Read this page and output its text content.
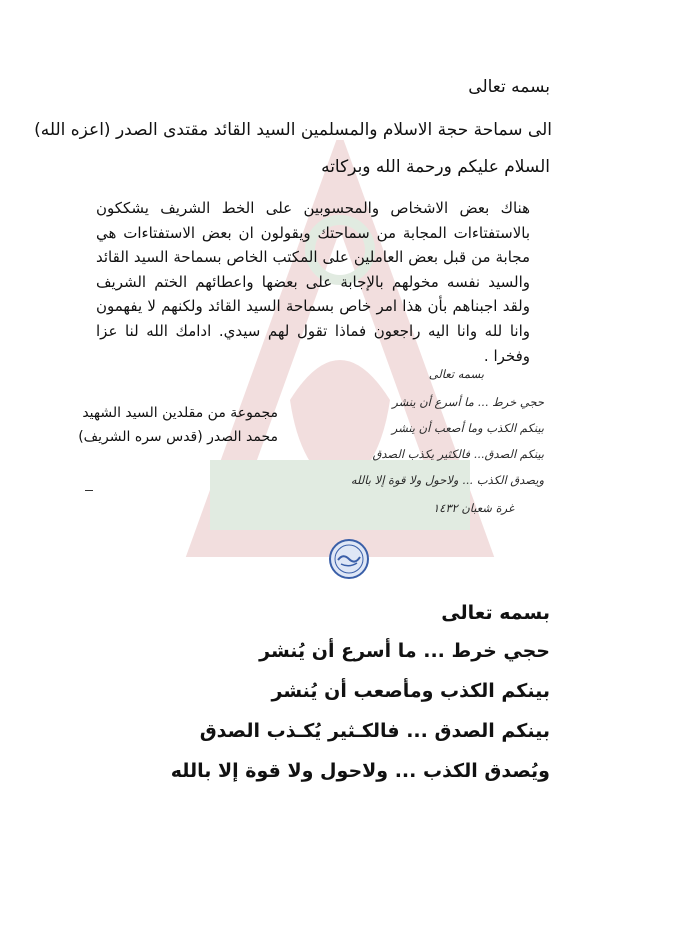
بسمه تعالى
الى سماحة حجة الاسلام والمسلمين السيد القائد مقتدى الصدر (اعزه الله)
السلام عليكم ورحمة الله وبركاته
هناك بعض الاشخاص والمحسوبين على الخط الشريف يشككون بالاستفتاءات المجابة من سماحتك ويقولون ان بعض الاستفتاءات هي مجابة من قبل بعض العاملين على المكتب الخاص بسماحة السيد القائد والسيد نفسه مخولهم بالإجابة على بعضها واعطائهم الختم الشريف ولقد اجبناهم بأن هذا امر خاص بسماحة السيد القائد ولكنهم لا يفهمون وانا لله وانا اليه راجعون فماذا تقول لهم سيدي. ادامك الله لنا عزا وفخرا .
بسمه تعالى
حجي خرط ... ما أسرع أن ينشر
بينكم الكذب وما أصعب أن ينشر
بينكم الصدق... فالكثير يكذب الصدق
ويصدق الكذب ... ولاحول ولا قوة إلا بالله
غرة شعبان ١٤٣٢
مجموعة من مقلدين السيد الشهيد
محمد الصدر (قدس سره الشريف)
بسمه تعالى
حجي خرط ... ما أسرع أن يُنشر
بينكم الكذب ومأصعب أن يُنشر
بينكم الصدق ... فالكـثير يُكـذب الصدق
ويُصدق الكذب ... ولاحول ولا قوة إلا بالله
